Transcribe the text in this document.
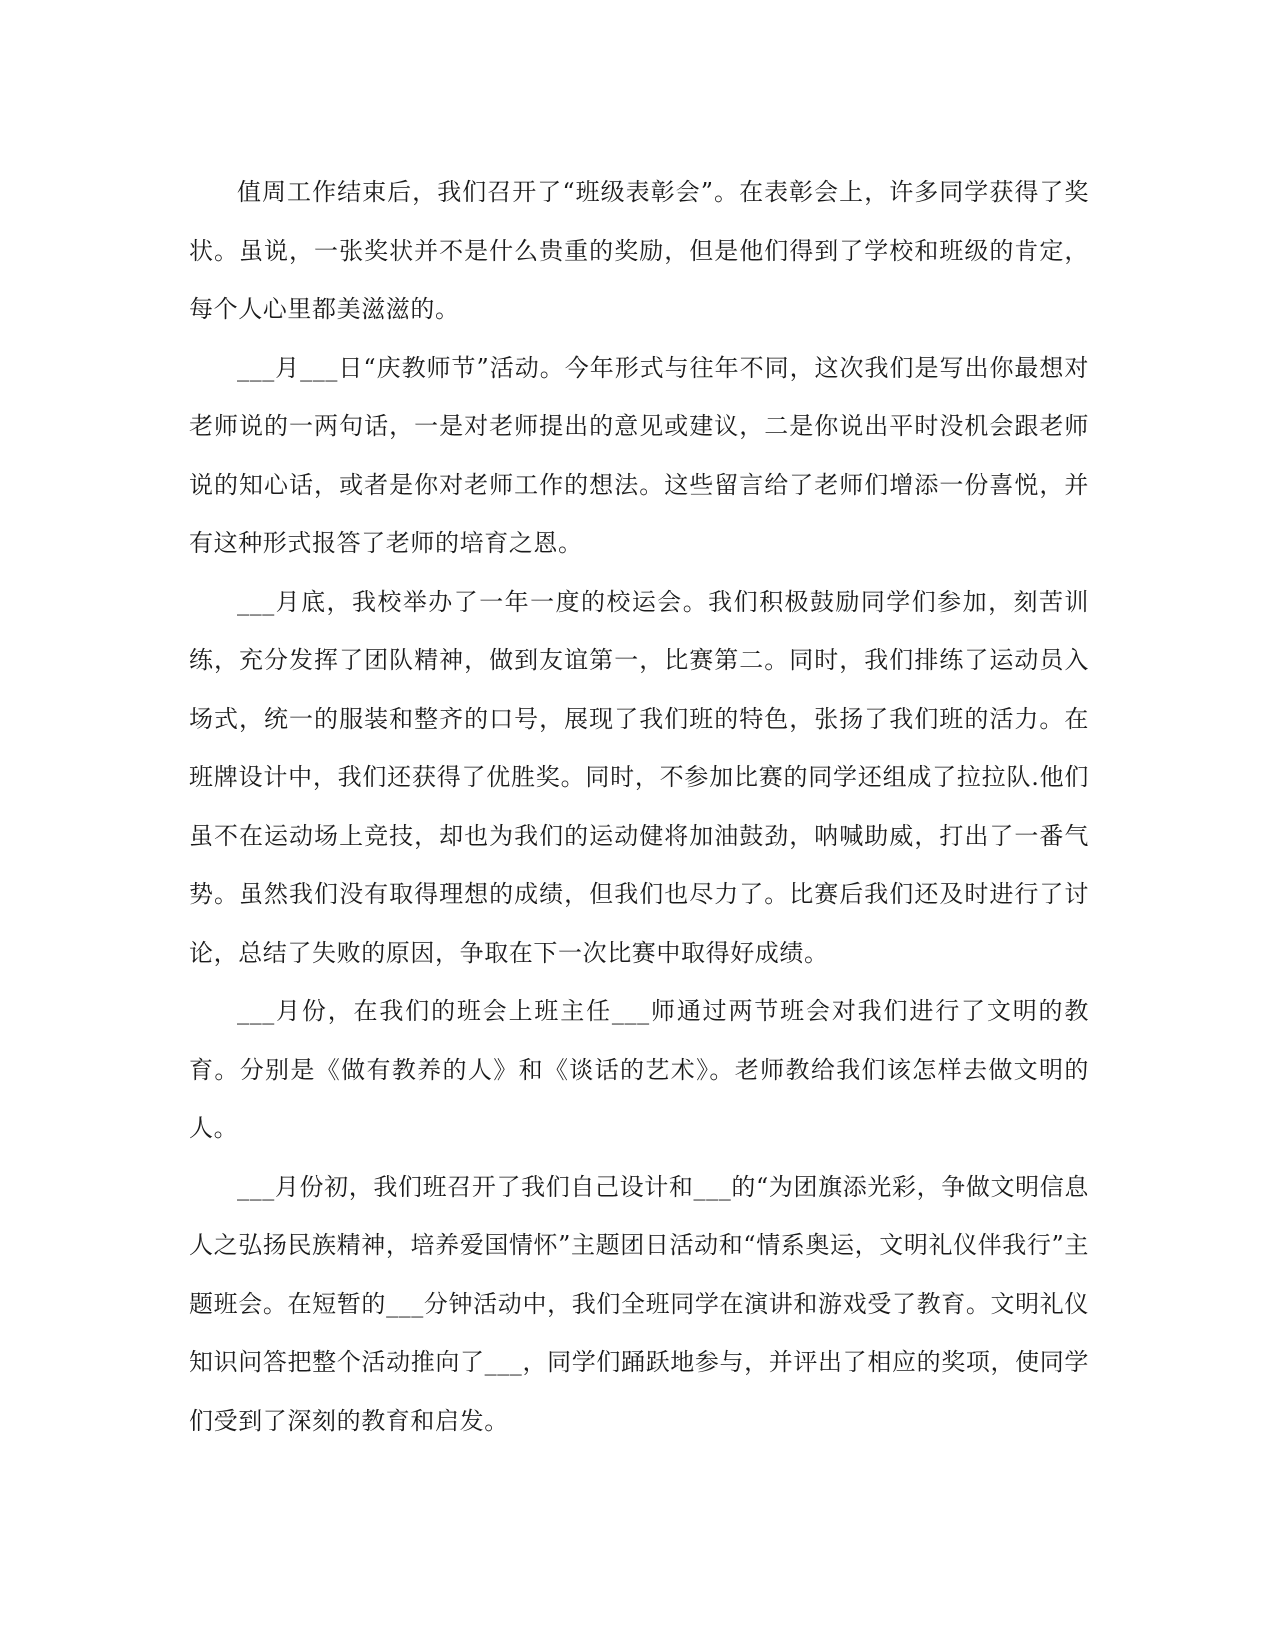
值周工作结束后，我们召开了“班级表彰会”。在表彰会上，许多同学获得了奖状。虽说，一张奖状并不是什么贵重的奖励，但是他们得到了学校和班级的肯定，每个人心里都美滋滋的。

___月___日“庆教师节”活动。今年形式与往年不同，这次我们是写出你最想对老师说的一两句话，一是对老师提出的意见或建议，二是你说出平时没机会跟老师说的知心话，或者是你对老师工作的想法。这些留言给了老师们增添一份喜悦，并有这种形式报答了老师的培育之恩。

___月底，我校举办了一年一度的校运会。我们积极鼓励同学们参加，刻苦训练，充分发挥了团队精神，做到友谊第一，比赛第二。同时，我们排练了运动员入场式，统一的服装和整齐的口号，展现了我们班的特色，张扬了我们班的活力。在班牌设计中，我们还获得了优胜奖。同时，不参加比赛的同学还组成了拉拉队.他们虽不在运动场上竞技，却也为我们的运动健将加油鼓劲，呐喊助威，打出了一番气势。虽然我们没有取得理想的成绩，但我们也尽力了。比赛后我们还及时进行了讨论，总结了失败的原因，争取在下一次比赛中取得好成绩。

___月份，在我们的班会上班主任___师通过两节班会对我们进行了文明的教育。分别是《做有教养的人》和《谈话的艺术》。老师教给我们该怎样去做文明的人。

___月份初，我们班召开了我们自己设计和___的“为团旗添光彩，争做文明信息人之弘扬民族精神，培养爱国情怀”主题团日活动和“情系奥运，文明礼仪伴我行”主题班会。在短暂的___分钟活动中，我们全班同学在演讲和游戏受了教育。文明礼仪知识问答把整个活动推向了___，同学们踊跃地参与，并评出了相应的奖项，使同学们受到了深刻的教育和启发。
